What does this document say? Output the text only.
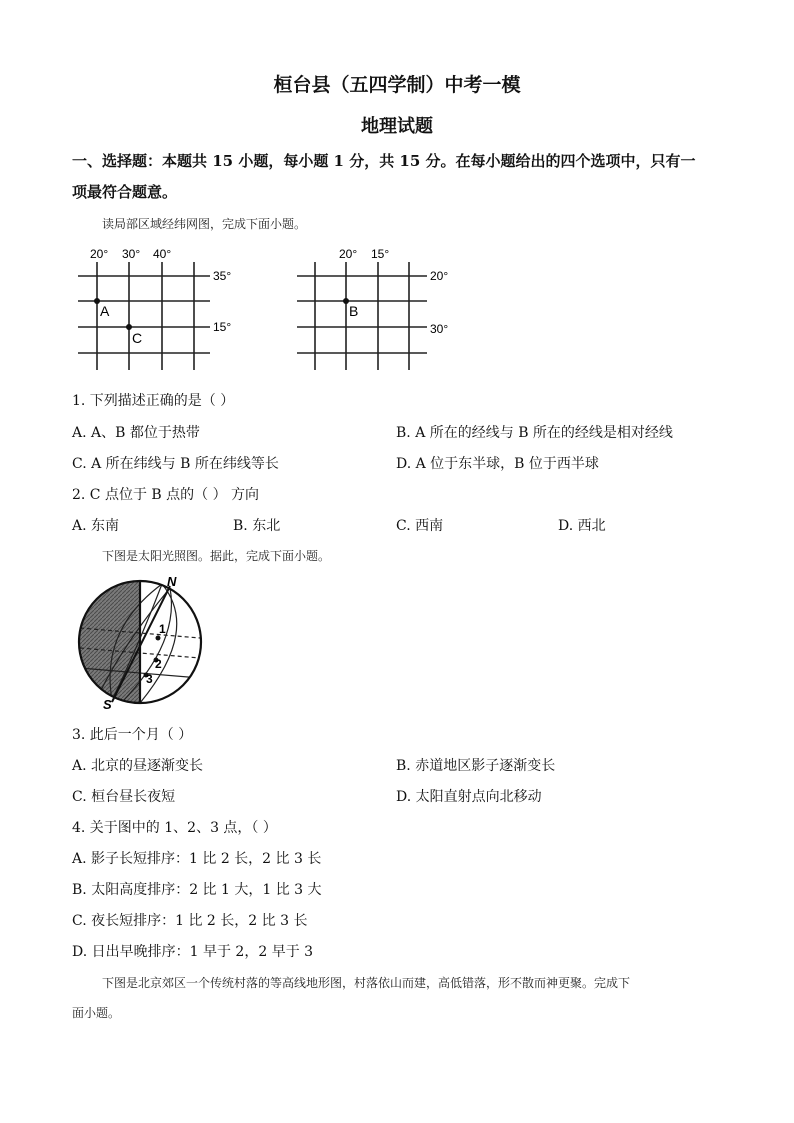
桓台县（五四学制）中考一模
地理试题
一、选择题：本题共 15 小题，每小题 1 分，共 15 分。在每小题给出的四个选项中，只有一
项最符合题意。
读局部区域经纬网图，完成下面小题。
20° 30° 40°
35°
15°
A
C
20° 15°
20°
30°
B
1. 下列描述正确的是（ ）
A. A、B 都位于热带	B. A 所在的经线与 B 所在的经线是相对经线
C. A 所在纬线与 B 所在纬线等长	D. A 位于东半球，B 位于西半球
2. C 点位于 B 点的（ ） 方向
A. 东南	B. 东北	C. 西南	D. 西北
下图是太阳光照图。据此，完成下面小题。
N
S
1
2
3
3. 此后一个月（ ）
A. 北京的昼逐渐变长	B. 赤道地区影子逐渐变长
C. 桓台昼长夜短	D. 太阳直射点向北移动
4. 关于图中的 1、2、3 点，（ ）
A. 影子长短排序：1 比 2 长，2 比 3 长
B. 太阳高度排序：2 比 1 大，1 比 3 大
C. 夜长短排序：1 比 2 长，2 比 3 长
D. 日出早晚排序：1 早于 2，2 早于 3
下图是北京郊区一个传统村落的等高线地形图，村落依山而建，高低错落，形不散而神更聚。完成下
面小题。
